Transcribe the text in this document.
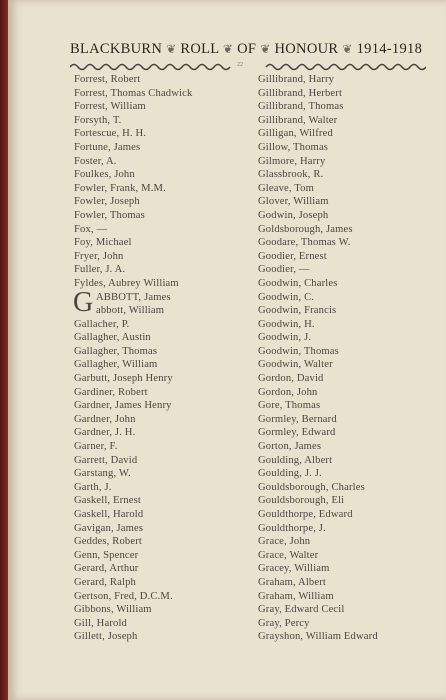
BLACKBURN ❦ ROLL ❦ OF ❦ HONOUR ❦ 1914-1918
22
Forrest, Robert
Forrest, Thomas Chadwick
Forrest, William
Forsyth, T.
Fortescue, H. H.
Fortune, James
Foster, A.
Foulkes, John
Fowler, Frank, M.M.
Fowler, Joseph
Fowler, Thomas
Fox, —
Foy, Michael
Fryer, John
Fuller, J. A.
Fyldes, Aubrey William
G ABBOTT, James
abbott, William
Gallacher, P.
Gallagher, Austin
Gallagher, Thomas
Gallagher, William
Garbutt, Joseph Henry
Gardiner, Robert
Gardner, James Henry
Gardner, John
Gardner, J. H.
Garner, F.
Garrett, David
Garstang, W.
Garth, J.
Gaskell, Ernest
Gaskell, Harold
Gavigan, James
Geddes, Robert
Genn, Spencer
Gerard, Arthur
Gerard, Ralph
Gertson, Fred, D.C.M.
Gibbons, William
Gill, Harold
Gillett, Joseph
Gillibrand, Harry
Gillibrand, Herbert
Gillibrand, Thomas
Gillibrand, Walter
Gilligan, Wilfred
Gillow, Thomas
Gilmore, Harry
Glassbrook, R.
Gleave, Tom
Glover, William
Godwin, Joseph
Goldsborough, James
Goodare, Thomas W.
Goodier, Ernest
Goodier, —
Goodwin, Charles
Goodwin, C.
Goodwin, Francis
Goodwin, H.
Goodwin, J.
Goodwin, Thomas
Goodwin, Walter
Gordon, David
Gordon, John
Gore, Thomas
Gormley, Bernard
Gormley, Edward
Gorton, James
Goulding, Albert
Goulding, J. J.
Gouldsborough, Charles
Gouldsborough, Eli
Gouldthorpe, Edward
Gouldthorpe, J.
Grace, John
Grace, Walter
Gracey, William
Graham, Albert
Graham, William
Gray, Edward Cecil
Gray, Percy
Grayshon, William Edward
